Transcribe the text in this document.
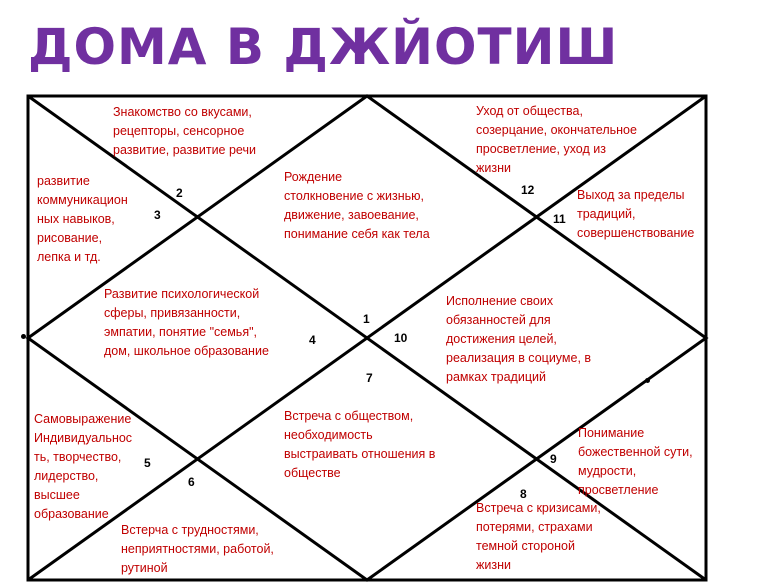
ДОМА В ДЖЙОТИШ
Знакомство со вкусами,
рецепторы, сенсорное
развитие, развитие речи
Уход от общества,
созерцание, окончательное
просветление, уход из
жизни
развитие
коммуникацион
ных навыков,
рисование,
лепка и тд.
Рождение
столкновение с жизнью,
движение, завоевание,
понимание себя как тела
Выход за пределы
традиций,
совершенствование
Развитие психологической
сферы, привязанности,
эмпатии, понятие "семья",
дом, школьное образование
Исполнение своих
обязанностей для
достижения целей,
реализация в социуме, в
рамках традиций
Самовыражение
Индивидуальнос
ть, творчество,
лидерство,
высшее
образование
Встреча с обществом,
необходимость
выстраивать отношения в
обществе
Понимание
божественной сути,
мудрости,
просветление
Встреча с кризисами,
потерями, страхами
темной стороной
жизни
Встерча с трудностями,
неприятностями, работой,
рутиной
2
3
12
11
1
4	10
7
5
6
9
8
